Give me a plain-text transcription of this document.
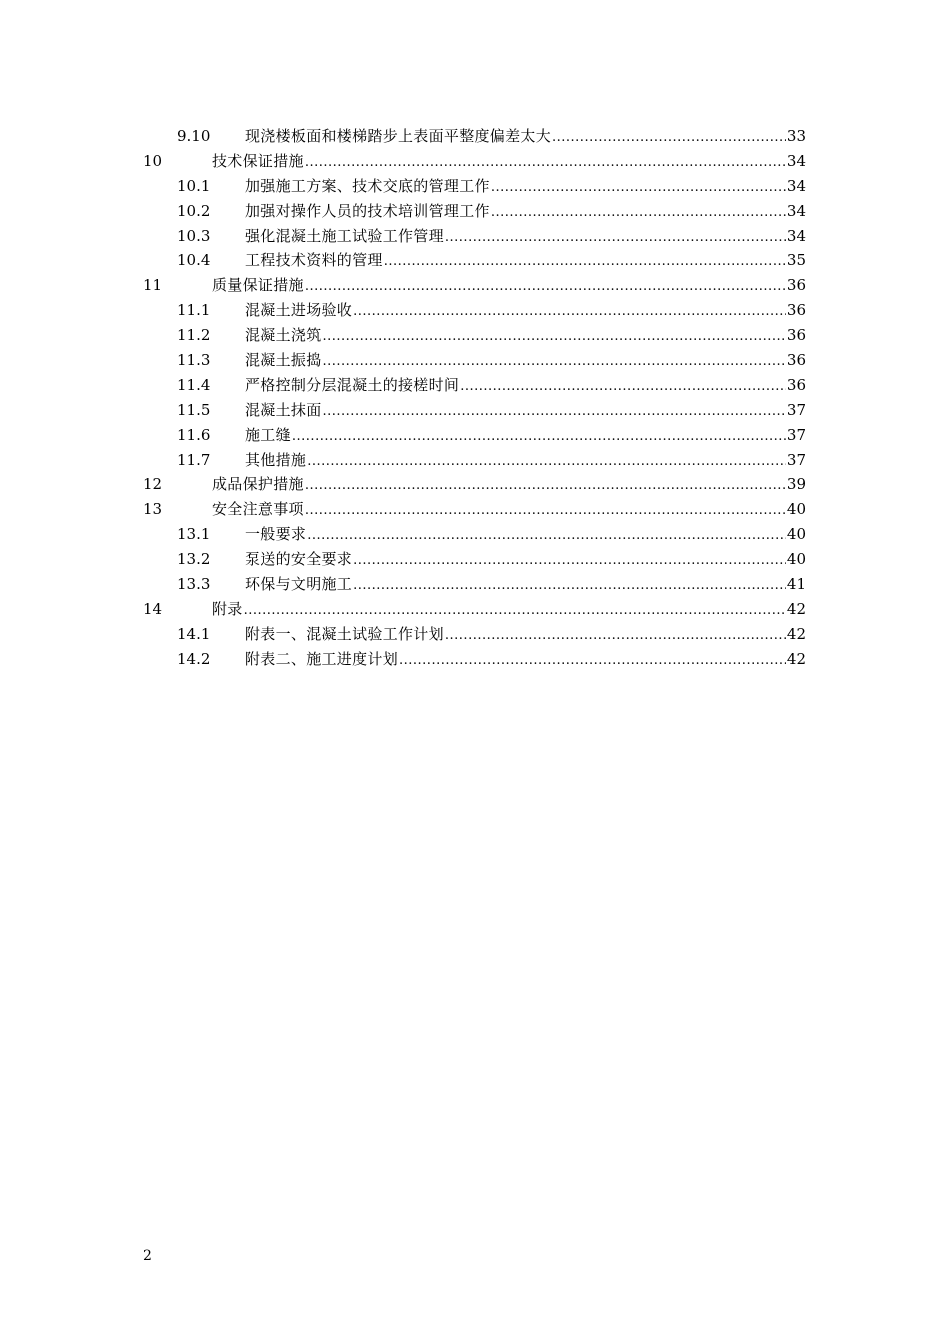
9.10 现浇楼板面和楼梯踏步上表面平整度偏差太大 .....	33
10	技术保证措施 .....	34
10.1 加强施工方案、技术交底的管理工作 .....	34
10.2 加强对操作人员的技术培训管理工作 .....	34
10.3 强化混凝土施工试验工作管理 .....	34
10.4 工程技术资料的管理 .....	35
11	质量保证措施 .....	36
11.1 混凝土进场验收 .....	36
11.2 混凝土浇筑 .....	36
11.3 混凝土振捣 .....	36
11.4 严格控制分层混凝土的接槎时间 .....	36
11.5 混凝土抹面 .....	37
11.6 施工缝 .....	37
11.7 其他措施 .....	37
12	成品保护措施 .....	39
13	安全注意事项 .....	40
13.1 一般要求 .....	40
13.2 泵送的安全要求 .....	40
13.3 环保与文明施工 .....	41
14	附录 .....	42
14.1 附表一、混凝土试验工作计划 .....	42
14.2 附表二、施工进度计划 .....	42
2
